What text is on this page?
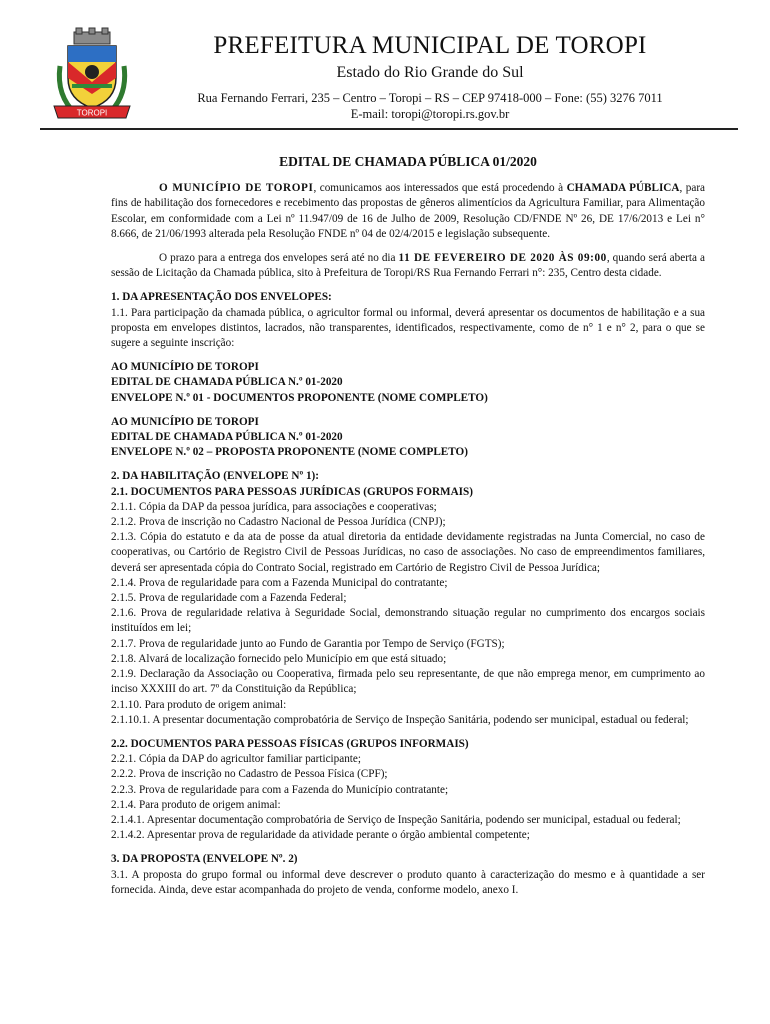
TOROPI
PREFEITURA MUNICIPAL DE TOROPI
Estado do Rio Grande do Sul
Rua Fernando Ferrari, 235 – Centro – Toropi – RS – CEP 97418-000 – Fone: (55) 3276 7011
E-mail: toropi@toropi.rs.gov.br
EDITAL DE CHAMADA PÚBLICA 01/2020

O MUNICÍPIO DE TOROPI, comunicamos aos interessados que está procedendo à CHAMADA PÚBLICA, para fins de habilitação dos fornecedores e recebimento das propostas de gêneros alimentícios da Agricultura Familiar, para Alimentação Escolar, em conformidade com a Lei nº 11.947/09 de 16 de Julho de 2009, Resolução CD/FNDE Nº 26, DE 17/6/2013 e Lei n° 8.666, de 21/06/1993 alterada pela Resolução FNDE nº 04 de 02/4/2015 e legislação subsequente.

O prazo para a entrega dos envelopes será até no dia 11 DE FEVEREIRO DE 2020 ÀS 09:00, quando será aberta a sessão de Licitação da Chamada pública, sito à Prefeitura de Toropi/RS Rua Fernando Ferrari n°: 235, Centro desta cidade.

1. DA APRESENTAÇÃO DOS ENVELOPES:

1.1. Para participação da chamada pública, o agricultor formal ou informal, deverá apresentar os documentos de habilitação e a sua proposta em envelopes distintos, lacrados, não transparentes, identificados, respectivamente, como de n° 1 e n° 2, para o que se sugere a seguinte inscrição:

AO MUNICÍPIO DE TOROPI
EDITAL DE CHAMADA PÚBLICA N.º 01-2020
ENVELOPE N.º 01 - DOCUMENTOS PROPONENTE (NOME COMPLETO)
AO MUNICÍPIO DE TOROPI
EDITAL DE CHAMADA PÚBLICA N.º 01-2020
ENVELOPE N.º 02 – PROPOSTA PROPONENTE (NOME COMPLETO)
2. DA HABILITAÇÃO (ENVELOPE Nº 1):
2.1. DOCUMENTOS PARA PESSOAS JURÍDICAS (GRUPOS FORMAIS)

2.1.1. Cópia da DAP da pessoa jurídica, para associações e cooperativas;

2.1.2. Prova de inscrição no Cadastro Nacional de Pessoa Jurídica (CNPJ);

2.1.3. Cópia do estatuto e da ata de posse da atual diretoria da entidade devidamente registradas na Junta Comercial, no caso de cooperativas, ou Cartório de Registro Civil de Pessoas Jurídicas, no caso de associações. No caso de empreendimentos familiares, deverá ser apresentada cópia do Contrato Social, registrado em Cartório de Registro Civil de Pessoa Jurídica;

2.1.4. Prova de regularidade para com a Fazenda Municipal do contratante;

2.1.5. Prova de regularidade com a Fazenda Federal;

2.1.6. Prova de regularidade relativa à Seguridade Social, demonstrando situação regular no cumprimento dos encargos sociais instituídos em lei;

2.1.7. Prova de regularidade junto ao Fundo de Garantia por Tempo de Serviço (FGTS);

2.1.8. Alvará de localização fornecido pelo Município em que está situado;

2.1.9. Declaração da Associação ou Cooperativa, firmada pelo seu representante, de que não emprega menor, em cumprimento ao inciso XXXIII do art. 7º da Constituição da República;

2.1.10. Para produto de origem animal:

2.1.10.1. A presentar documentação comprobatória de Serviço de Inspeção Sanitária, podendo ser municipal, estadual ou federal;

2.2. DOCUMENTOS PARA PESSOAS FÍSICAS (GRUPOS INFORMAIS)

2.2.1. Cópia da DAP do agricultor familiar participante;

2.2.2. Prova de inscrição no Cadastro de Pessoa Física (CPF);

2.2.3. Prova de regularidade para com a Fazenda do Município contratante;

2.1.4. Para produto de origem animal:

2.1.4.1. Apresentar documentação comprobatória de Serviço de Inspeção Sanitária, podendo ser municipal, estadual ou federal;

2.1.4.2. Apresentar prova de regularidade da atividade perante o órgão ambiental competente;

3. DA PROPOSTA (ENVELOPE Nº. 2)

3.1. A proposta do grupo formal ou informal deve descrever o produto quanto à caracterização do mesmo e à quantidade a ser fornecida. Ainda, deve estar acompanhada do projeto de venda, conforme modelo, anexo I.
